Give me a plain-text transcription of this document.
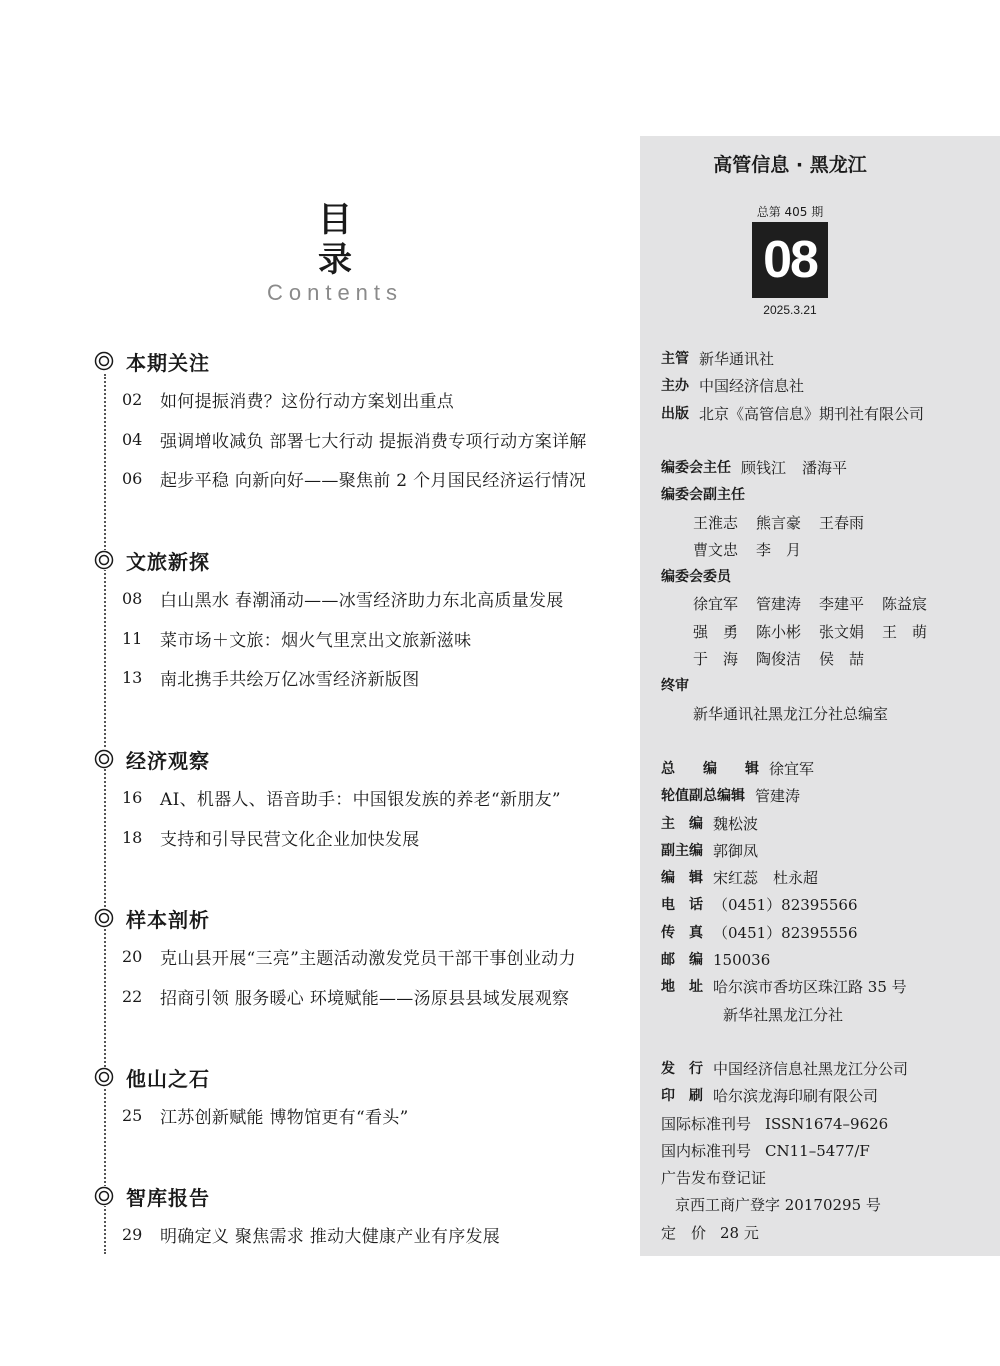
目　录
Contents
本期关注
02	如何提振消费？这份行动方案划出重点
04	强调增收减负 部署七大行动 提振消费专项行动方案详解
06	起步平稳 向新向好——聚焦前 2 个月国民经济运行情况
文旅新探
08	白山黑水 春潮涌动——冰雪经济助力东北高质量发展
11	菜市场＋文旅：烟火气里烹出文旅新滋味
13	南北携手共绘万亿冰雪经济新版图
经济观察
16	AI、机器人、语音助手：中国银发族的养老“新朋友”
18	支持和引导民营文化企业加快发展
样本剖析
20	克山县开展“三亮”主题活动激发党员干部干事创业动力
22	招商引领 服务暖心 环境赋能——汤原县县域发展观察
他山之石
25	江苏创新赋能 博物馆更有“看头”
智库报告
29	明确定义 聚焦需求 推动大健康产业有序发展
高管信息 · 黑龙江
总第 405 期
08
2025.3.21
主管 新华通讯社
主办 中国经济信息社
出版 北京《高管信息》期刊社有限公司
编委会主任 顾钱江 潘海平
编委会副主任
王淮志	熊言豪	王春雨
曹文忠	李　月
编委会委员
徐宜军	管建涛	李建平	陈益宸
强　勇	陈小彬	张文娟	王　萌
于　海	陶俊洁	侯　喆
终审
新华通讯社黑龙江分社总编室
总　　编　　辑 徐宜军
轮值副总编辑 管建涛
主　编 魏松波
副主编 郭御凤
编　辑 宋红蕊　杜永超
电　话 （0451）82395566
传　真 （0451）82395556
邮　编 150036
地　址 哈尔滨市香坊区珠江路 35 号
新华社黑龙江分社
发　行 中国经济信息社黑龙江分公司
印　刷 哈尔滨龙海印刷有限公司
国际标准刊号 ISSN1674–9626
国内标准刊号 CN11–5477/F
广告发布登记证
京西工商广登字 20170295 号
定　价 28 元
